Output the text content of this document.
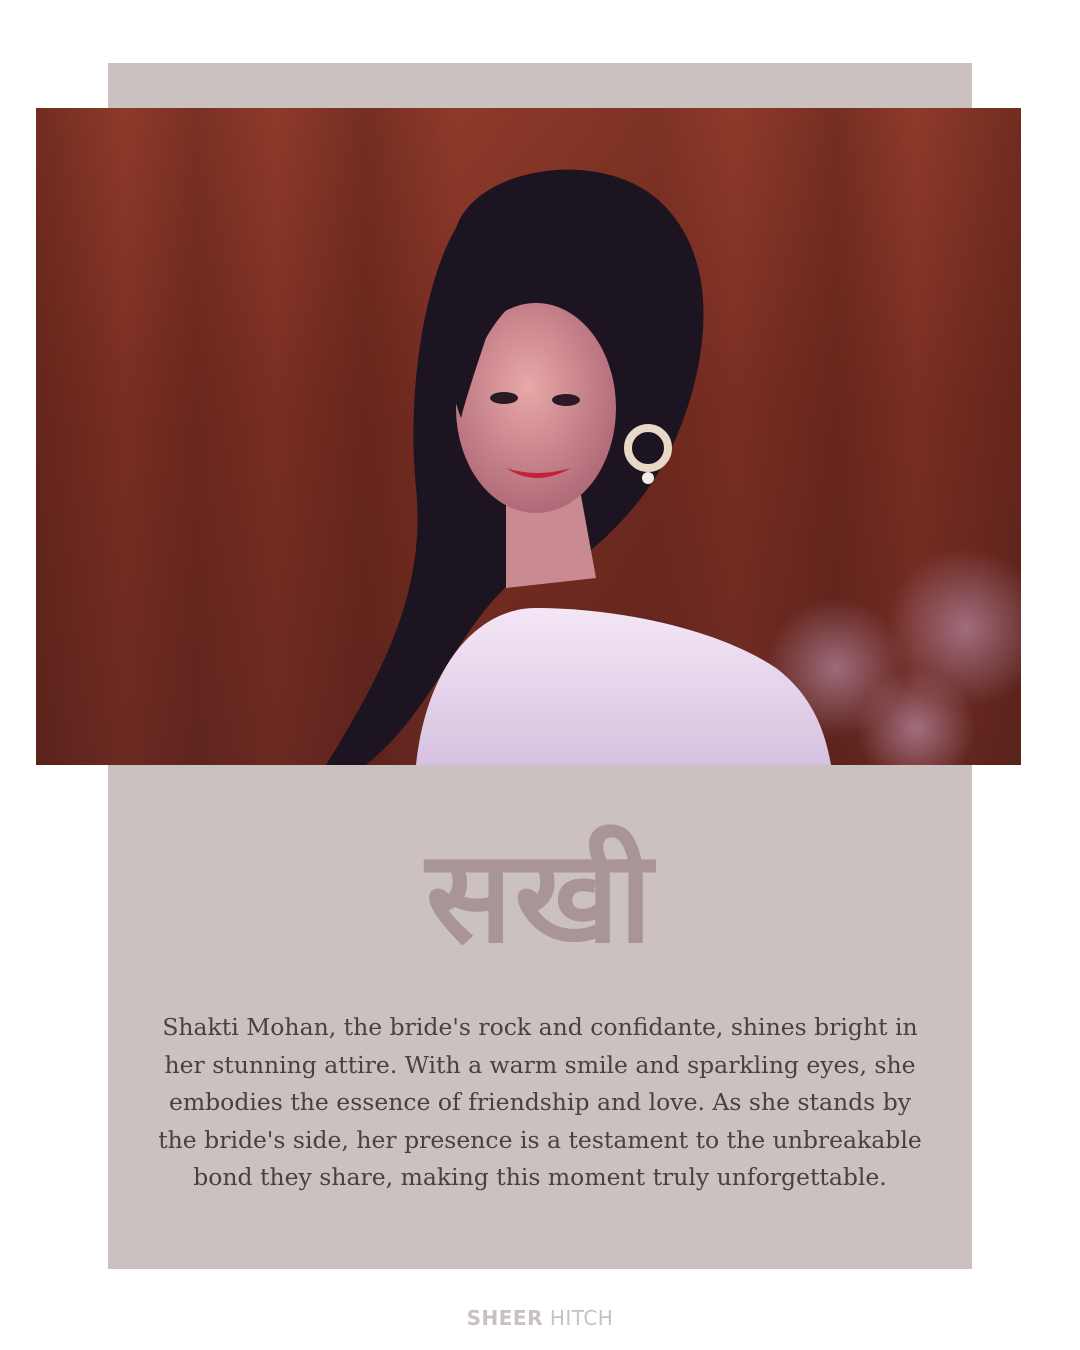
सखी
Shakti Mohan, the bride's rock and confidante, shines bright in her stunning attire. With a warm smile and sparkling eyes, she embodies the essence of friendship and love. As she stands by the bride's side, her presence is a testament to the unbreakable bond they share, making this moment truly unforgettable.
SHEER HITCH
